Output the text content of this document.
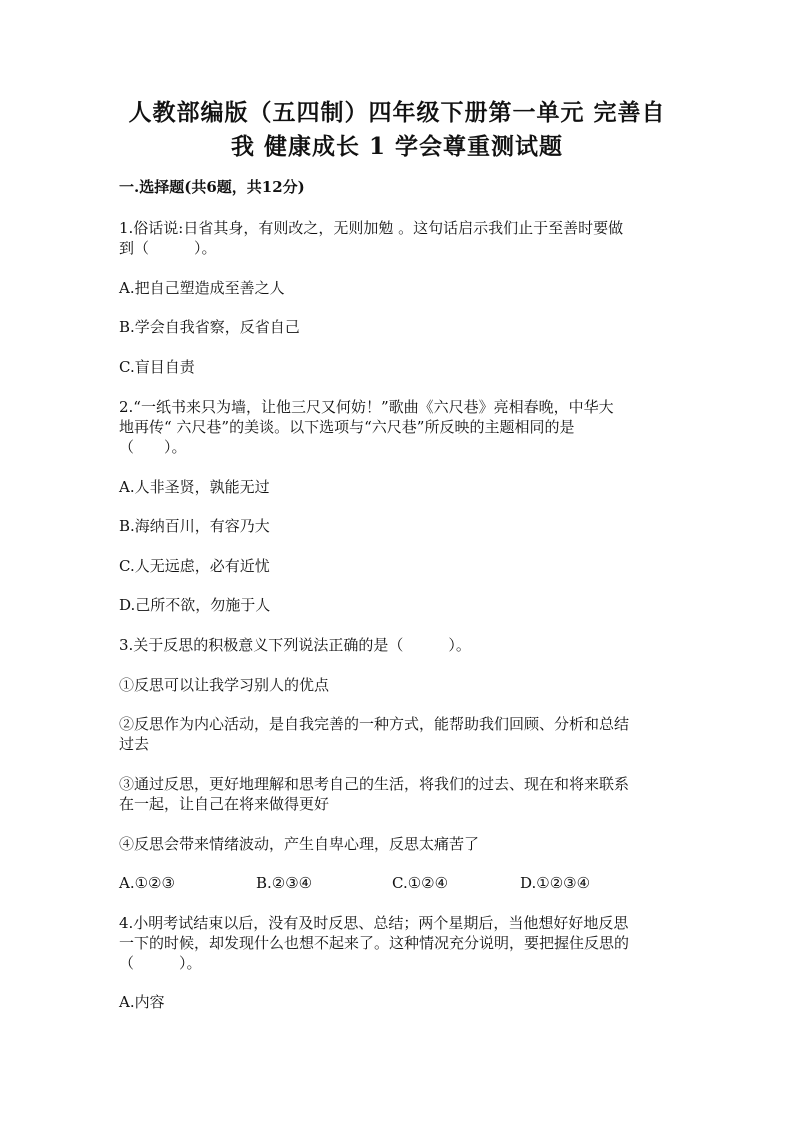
人教部编版（五四制）四年级下册第一单元 完善自
我 健康成长 1 学会尊重测试题
一.选择题(共6题，共12分)
1.俗话说:日省其身，有则改之，无则加勉 。这句话启示我们止于至善时要做
到（　　　）。
A.把自己塑造成至善之人
B.学会自我省察，反省自己
C.盲目自责
2.“一纸书来只为墙，让他三尺又何妨！”歌曲《六尺巷》亮相春晚，中华大
地再传“ 六尺巷”的美谈。以下选项与“六尺巷”所反映的主题相同的是
（　　）。
A.人非圣贤，孰能无过
B.海纳百川，有容乃大
C.人无远虑，必有近忧
D.己所不欲，勿施于人
3.关于反思的积极意义下列说法正确的是（　　　）。
①反思可以让我学习别人的优点
②反思作为内心活动，是自我完善的一种方式，能帮助我们回顾、分析和总结
过去
③通过反思，更好地理解和思考自己的生活，将我们的过去、现在和将来联系
在一起，让自己在将来做得更好
④反思会带来情绪波动，产生自卑心理，反思太痛苦了
A.①②③	B.②③④	C.①②④	D.①②③④
4.小明考试结束以后，没有及时反思、总结；两个星期后，当他想好好地反思
一下的时候，却发现什么也想不起来了。这种情况充分说明，要把握住反思的
（　　　）。
A.内容
